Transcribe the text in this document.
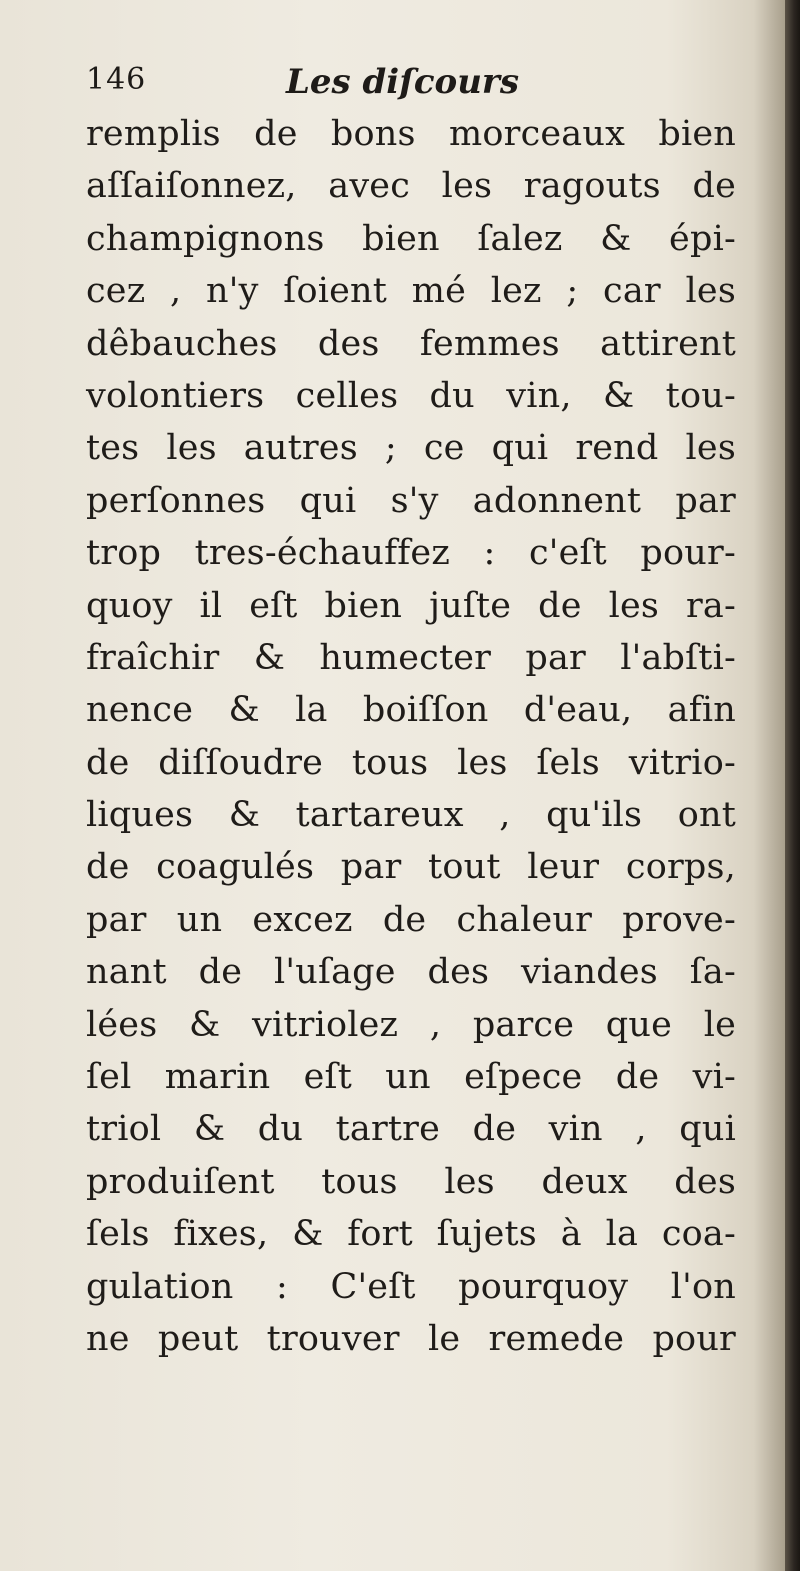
146	Les diſcours
remplis de bons morceaux bien
aſſaiſonnez, avec les ragouts de
champignons bien ſalez & épi-
cez , n'y ſoient mé lez ; car les
dêbauches des femmes attirent
volontiers celles du vin, & tou-
tes les autres ; ce qui rend les
perſonnes qui s'y adonnent par
trop tres-échauffez : c'eſt pour-
quoy il eſt bien juſte de les ra-
fraîchir & humecter par l'abſti-
nence & la boiſſon d'eau, afin
de diſſoudre tous les ſels vitrio-
liques & tartareux , qu'ils ont
de coagulés par tout leur corps,
par un excez de chaleur prove-
nant de l'uſage des viandes ſa-
lées & vitriolez , parce que le
ſel marin eſt un eſpece de vi-
triol & du tartre de vin , qui
produiſent tous les deux des
ſels fixes, & fort ſujets à la coa-
gulation : C'eſt pourquoy l'on
ne peut trouver le remede pour
